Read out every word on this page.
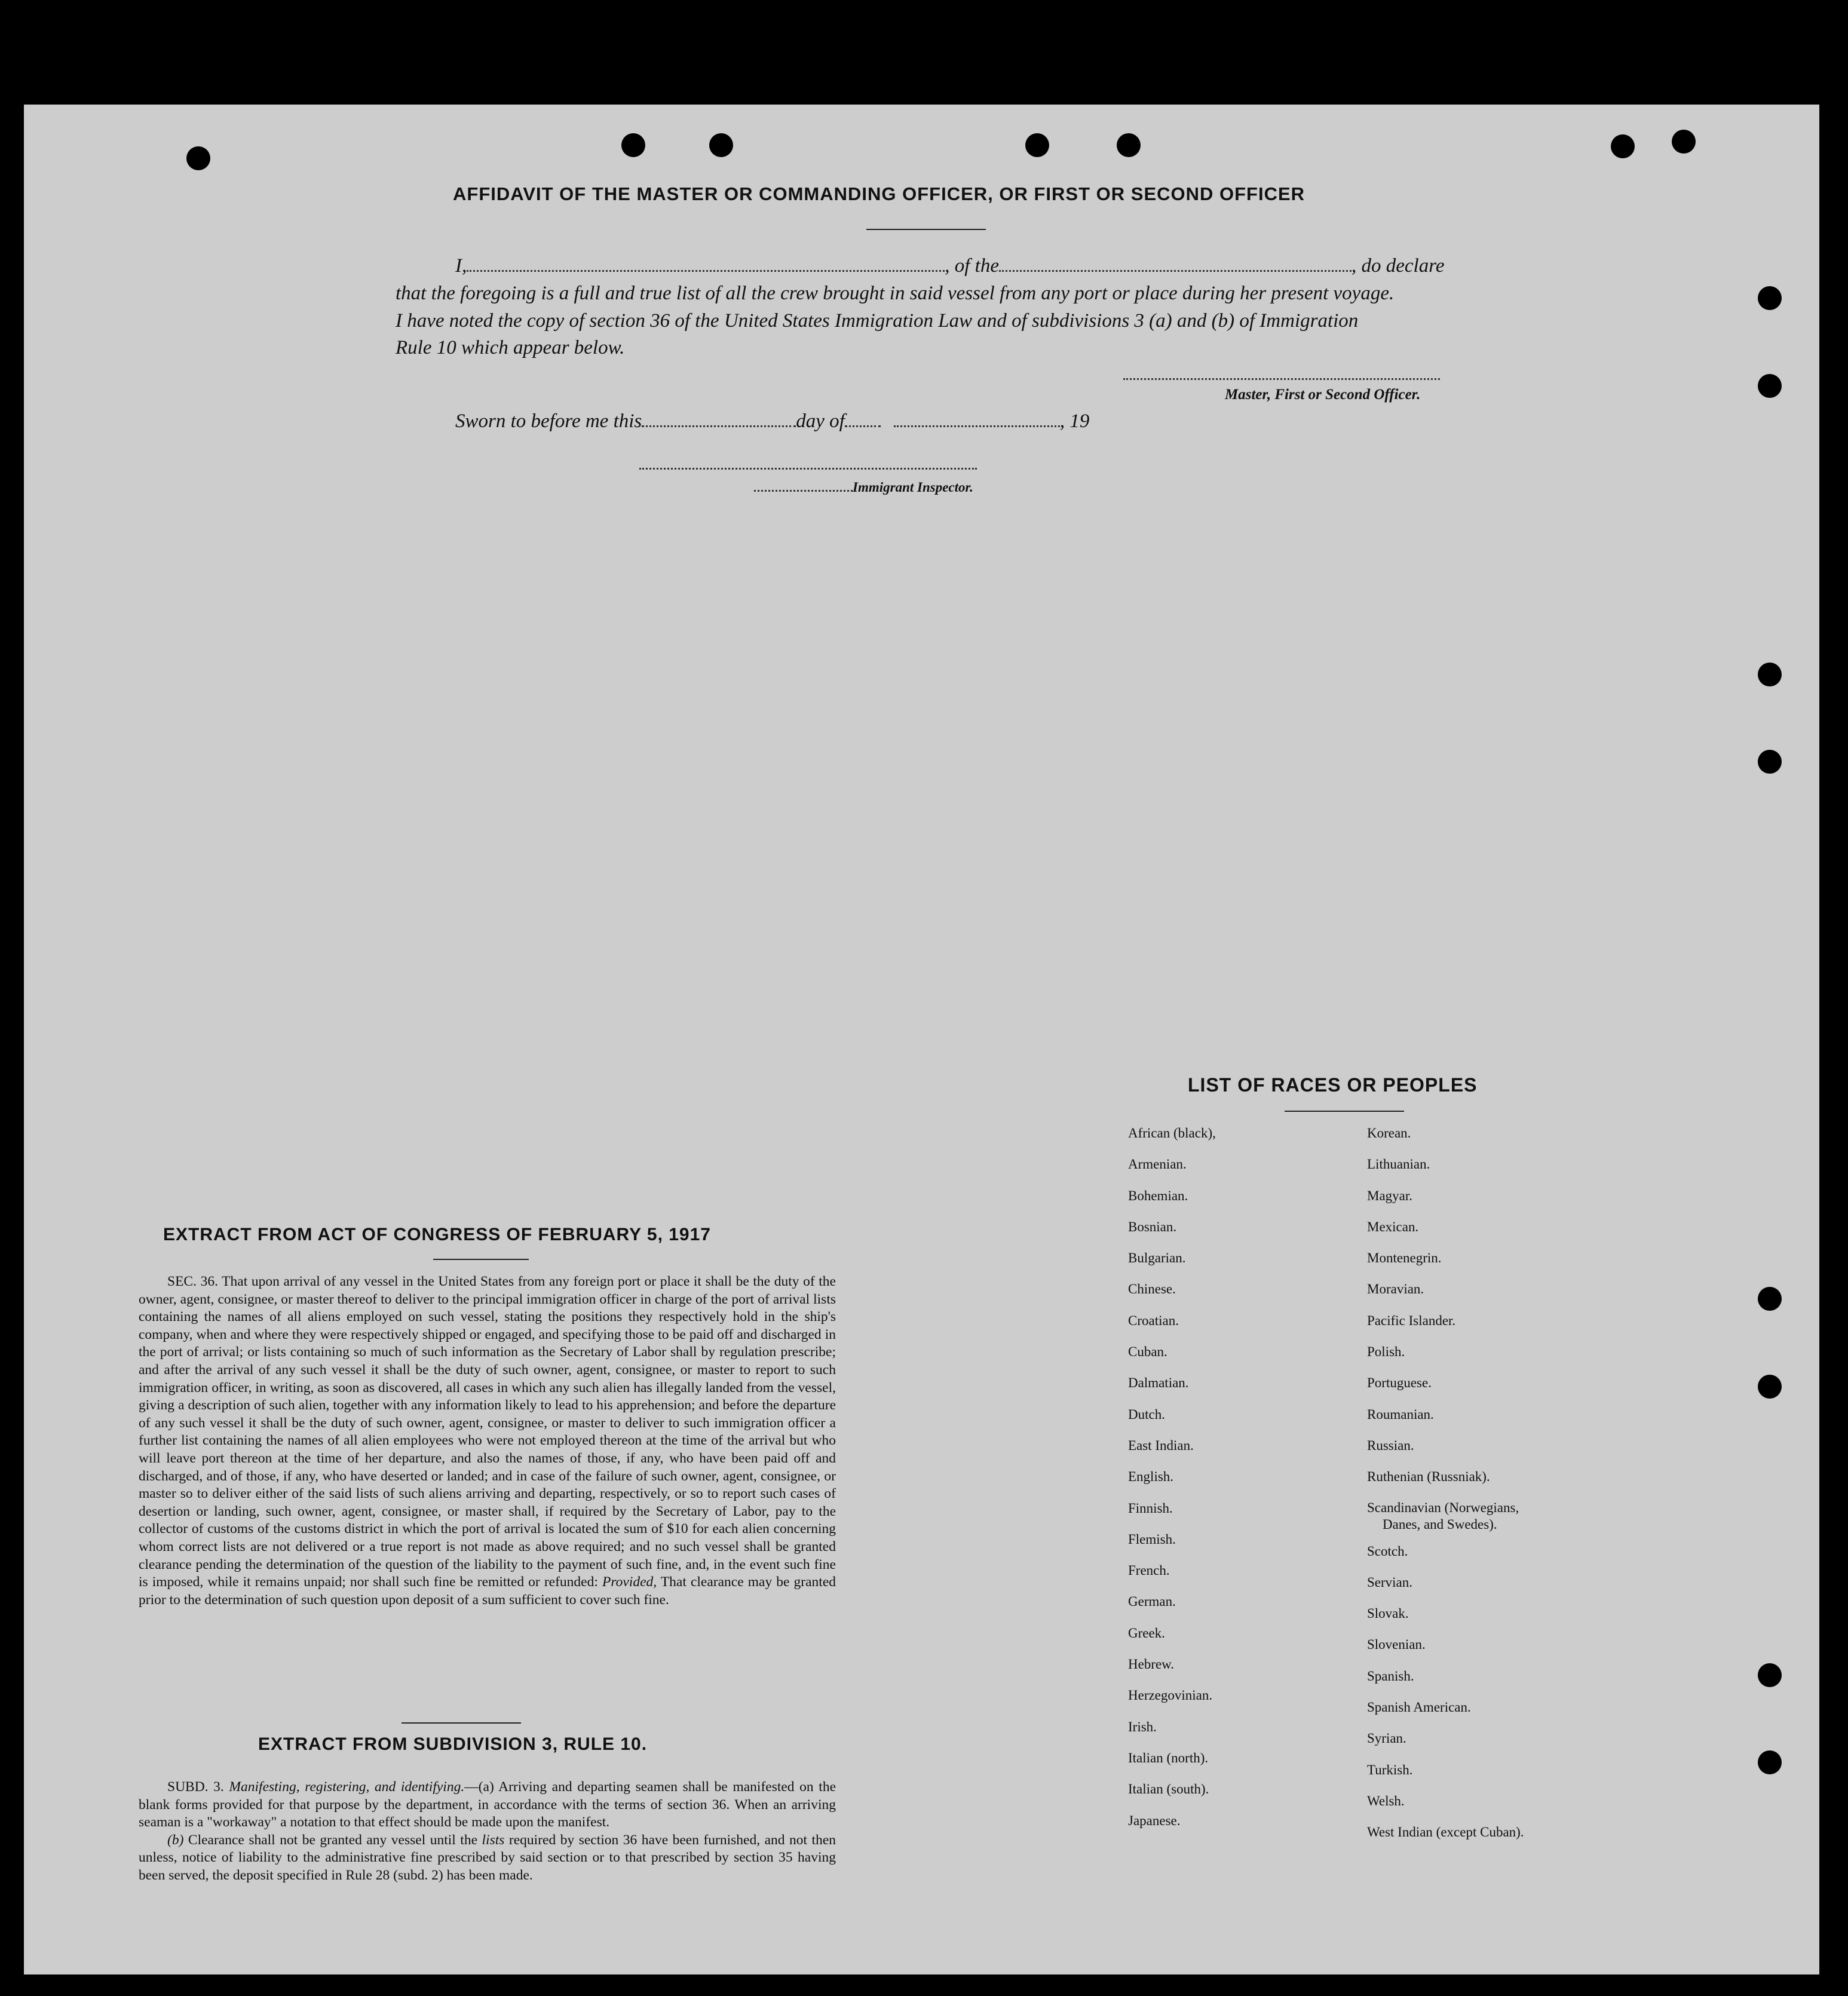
AFFIDAVIT OF THE MASTER OR COMMANDING OFFICER, OR FIRST OR SECOND OFFICER
I,	, of the	, do declare
that the foregoing is a full and true list of all the crew brought in said vessel from any port or place during her present voyage.
I have noted the copy of section 36 of the United States Immigration Law and of subdivisions 3 (a) and (b) of Immigration
Rule 10 which appear below.
Master, First or Second Officer.
Sworn to before me this	day of	, 19
Immigrant Inspector.
LIST OF RACES OR PEOPLES
African (black),
Armenian.
Bohemian.
Bosnian.
Bulgarian.
Chinese.
Croatian.
Cuban.
Dalmatian.
Dutch.
East Indian.
English.
Finnish.
Flemish.
French.
German.
Greek.
Hebrew.
Herzegovinian.
Irish.
Italian (north).
Italian (south).
Japanese.
Korean.
Lithuanian.
Magyar.
Mexican.
Montenegrin.
Moravian.
Pacific Islander.
Polish.
Portuguese.
Roumanian.
Russian.
Ruthenian (Russniak).
Scandinavian (Norwegians,
Danes, and Swedes).
Scotch.
Servian.
Slovak.
Slovenian.
Spanish.
Spanish American.
Syrian.
Turkish.
Welsh.
West Indian (except Cuban).
EXTRACT FROM ACT OF CONGRESS OF FEBRUARY 5, 1917

SEC. 36. That upon arrival of any vessel in the United States from any foreign port or place it shall be the duty of the owner, agent, consignee, or master thereof to deliver to the principal immigration officer in charge of the port of arrival lists containing the names of all aliens employed on such vessel, stating the positions they respectively hold in the ship's company, when and where they were respectively shipped or engaged, and specifying those to be paid off and discharged in the port of arrival; or lists containing so much of such information as the Secretary of Labor shall by regulation prescribe; and after the arrival of any such vessel it shall be the duty of such owner, agent, consignee, or master to report to such immigration officer, in writing, as soon as discovered, all cases in which any such alien has illegally landed from the vessel, giving a description of such alien, together with any information likely to lead to his apprehension; and before the departure of any such vessel it shall be the duty of such owner, agent, consignee, or master to deliver to such immigration officer a further list containing the names of all alien employees who were not employed thereon at the time of the arrival but who will leave port thereon at the time of her departure, and also the names of those, if any, who have been paid off and discharged, and of those, if any, who have deserted or landed; and in case of the failure of such owner, agent, consignee, or master so to deliver either of the said lists of such aliens arriving and departing, respectively, or so to report such cases of desertion or landing, such owner, agent, consignee, or master shall, if required by the Secretary of Labor, pay to the collector of customs of the customs district in which the port of arrival is located the sum of $10 for each alien concerning whom correct lists are not delivered or a true report is not made as above required; and no such vessel shall be granted clearance pending the determination of the question of the liability to the payment of such fine, and, in the event such fine is imposed, while it remains unpaid; nor shall such fine be remitted or refunded: Provided, That clearance may be granted prior to the determination of such question upon deposit of a sum sufficient to cover such fine.

EXTRACT FROM SUBDIVISION 3, RULE 10.

SUBD. 3. Manifesting, registering, and identifying.—(a) Arriving and departing seamen shall be manifested on the blank forms provided for that purpose by the department, in accordance with the terms of section 36. When an arriving seaman is a "workaway" a notation to that effect should be made upon the manifest.

(b) Clearance shall not be granted any vessel until the lists required by section 36 have been furnished, and not then unless, notice of liability to the administrative fine prescribed by said section or to that prescribed by section 35 having been served, the deposit specified in Rule 28 (subd. 2) has been made.
